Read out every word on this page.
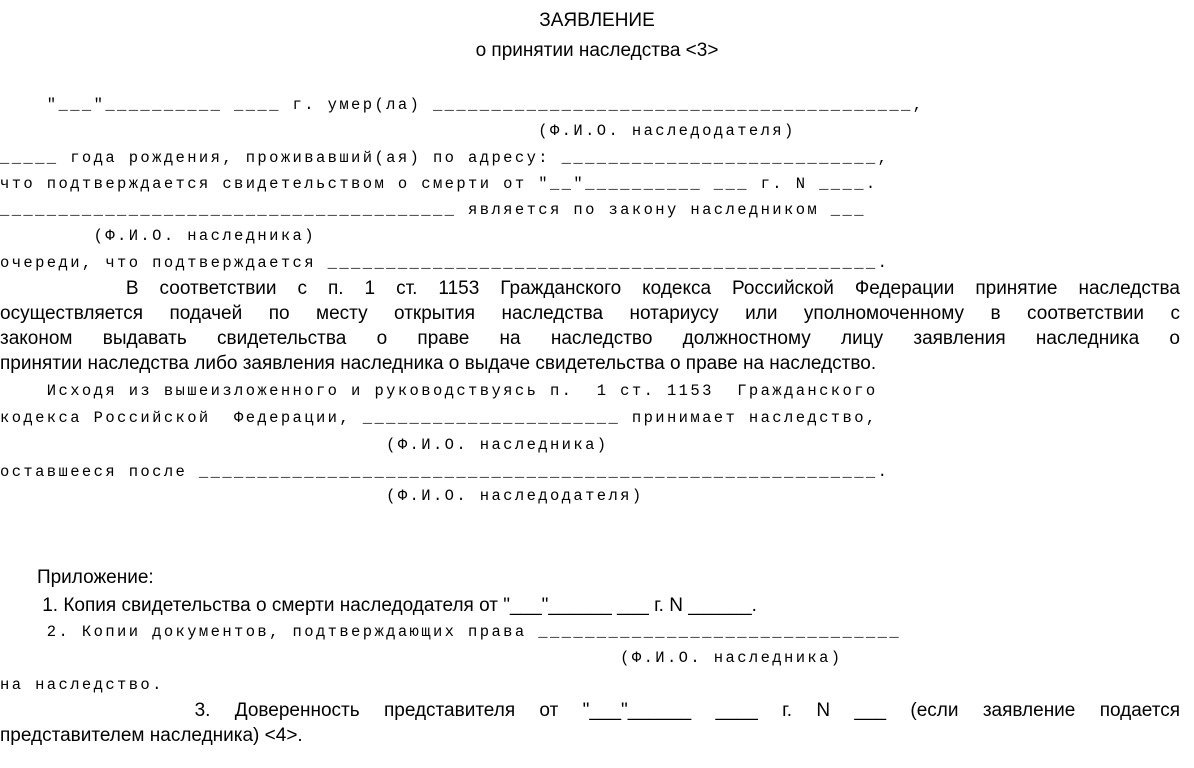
ЗАЯВЛЕНИЕ
о принятии наследства <3>
"___"__________ ____ г. умер(ла) _________________________________________,
(Ф.И.О. наследодателя)
_____ года рождения, проживавший(ая) по адресу: ___________________________,
что подтверждается свидетельством о смерти от "__"__________ ___ г. N ____.
_______________________________________ является по закону наследником ___
(Ф.И.О. наследника)
очереди, что подтверждается _______________________________________________.
В соответствии с п. 1 ст. 1153 Гражданского кодекса Российской Федерации принятие наследства
осуществляется подачей по месту открытия наследства нотариусу или уполномоченному в соответствии с
законом выдавать свидетельства о праве на наследство должностному лицу заявления наследника о
принятии наследства либо заявления наследника о выдаче свидетельства о праве на наследство.
Исходя из вышеизложенного и руководствуясь п.  1 ст. 1153  Гражданского
кодекса Российской  Федерации, ______________________ принимает наследство,
(Ф.И.О. наследника)
оставшееся после __________________________________________________________.
(Ф.И.О. наследодателя)
Приложение:
1. Копия свидетельства о смерти наследодателя от "___"______ ___ г. N ______.
2. Копии документов, подтверждающих права _______________________________
(Ф.И.О. наследника)
на наследство.
3. Доверенность представителя от "___"______ ____ г. N ___ (если заявление подается
представителем наследника) <4>.
